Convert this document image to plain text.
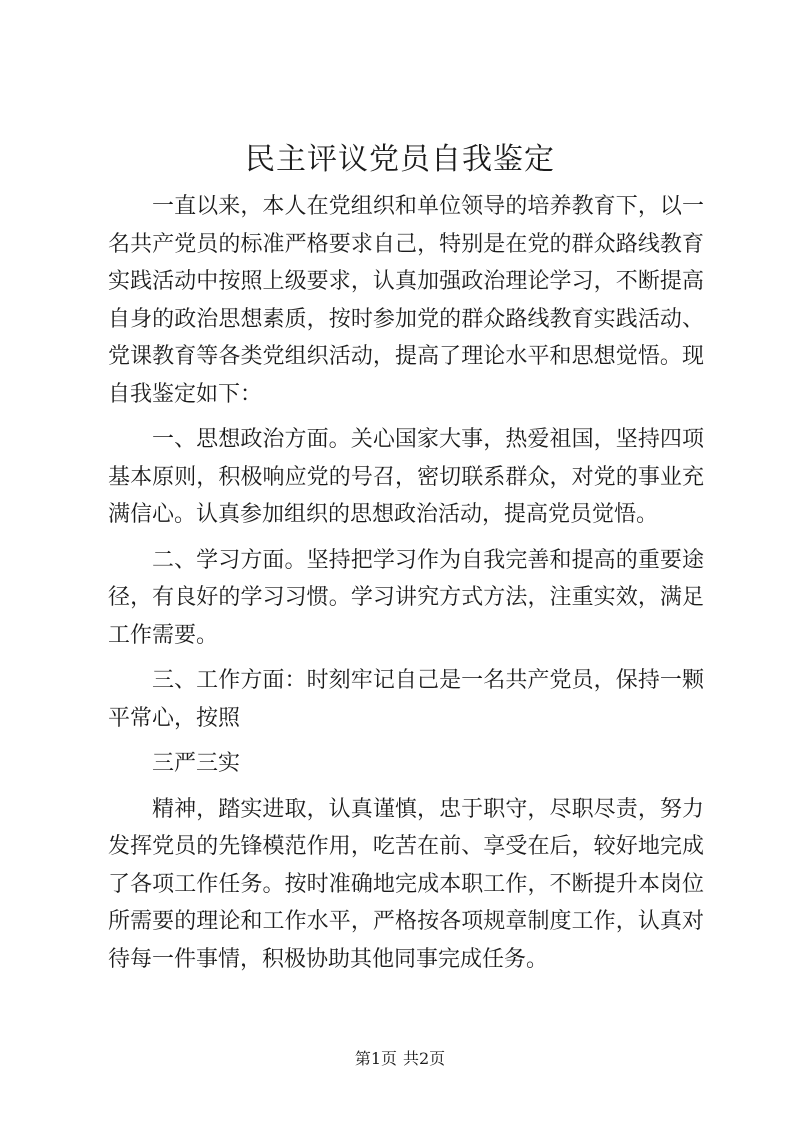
民主评议党员自我鉴定

一直以来，本人在党组织和单位领导的培养教育下，以一名共产党员的标准严格要求自己，特别是在党的群众路线教育实践活动中按照上级要求，认真加强政治理论学习，不断提高自身的政治思想素质，按时参加党的群众路线教育实践活动、党课教育等各类党组织活动，提高了理论水平和思想觉悟。现自我鉴定如下：

一、思想政治方面。关心国家大事，热爱祖国，坚持四项基本原则，积极响应党的号召，密切联系群众，对党的事业充满信心。认真参加组织的思想政治活动，提高党员觉悟。

二、学习方面。坚持把学习作为自我完善和提高的重要途径，有良好的学习习惯。学习讲究方式方法，注重实效，满足工作需要。

三、工作方面：时刻牢记自己是一名共产党员，保持一颗平常心，按照

三严三实

精神，踏实进取，认真谨慎，忠于职守，尽职尽责，努力发挥党员的先锋模范作用，吃苦在前、享受在后，较好地完成了各项工作任务。按时准确地完成本职工作，不断提升本岗位所需要的理论和工作水平，严格按各项规章制度工作，认真对待每一件事情，积极协助其他同事完成任务。

第1页 共2页
